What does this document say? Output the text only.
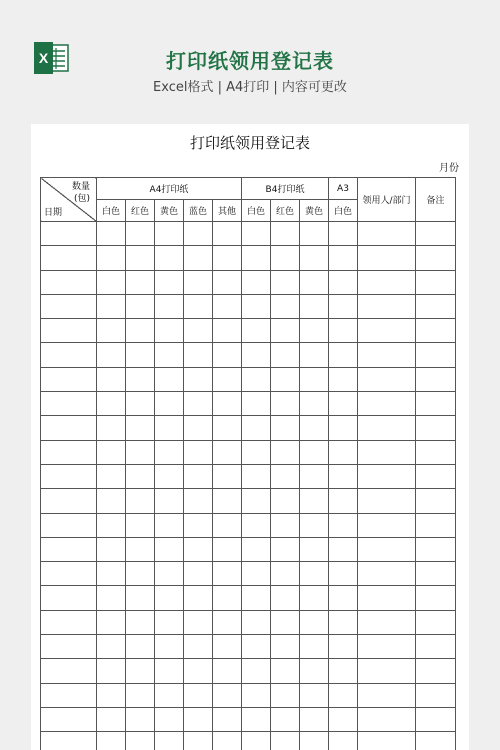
X	打印纸领用登记表
Excel格式 | A4打印 | 内容可更改
打印纸领用登记表
月份
数量
(包)
日期	A4打印纸					B4打印纸			A3	领用人/部门	备注
	白色	红色	黄色	蓝色	其他	白色	红色	黄色	白色		
